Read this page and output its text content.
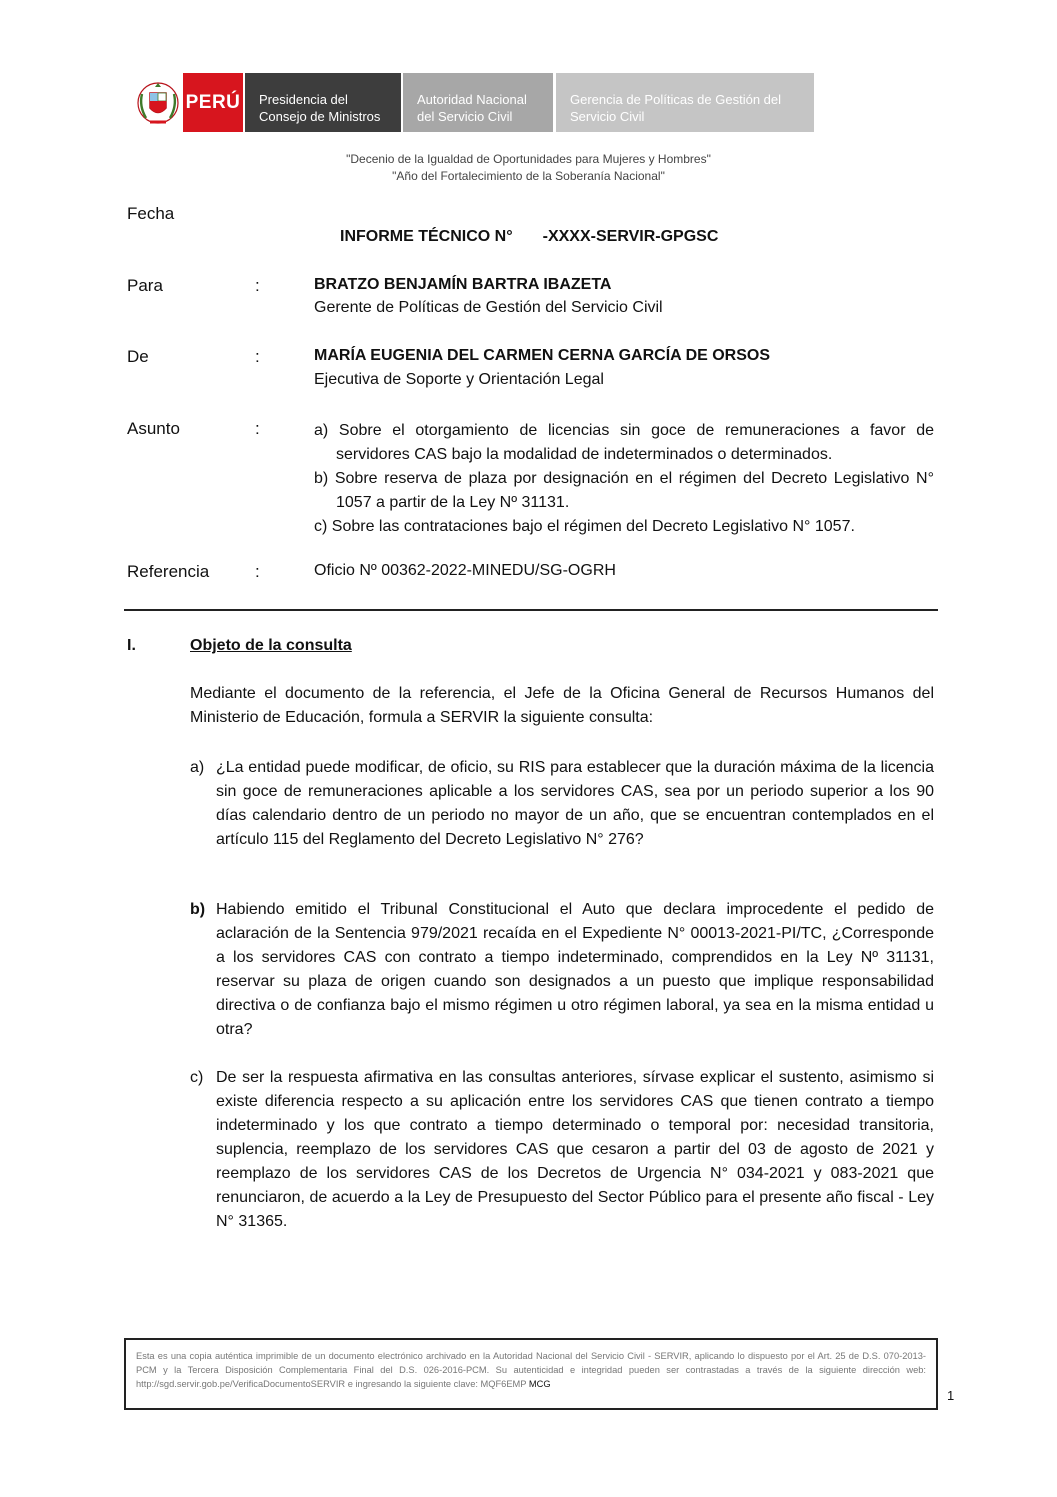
PERÚ Presidencia del
Consejo de Ministros
Autoridad Nacional
del Servicio Civil
Gerencia de Políticas de Gestión del
Servicio Civil
"Decenio de la Igualdad de Oportunidades para Mujeres y Hombres"
"Año del Fortalecimiento de la Soberanía Nacional"
Fecha
INFORME TÉCNICO N° -XXXX-SERVIR-GPGSC
Para	:	BRATZO BENJAMÍN BARTRA IBAZETA
Gerente de Políticas de Gestión del Servicio Civil
De	:	MARÍA EUGENIA DEL CARMEN CERNA GARCÍA DE ORSOS
Ejecutiva de Soporte y Orientación Legal
Asunto	:	a) Sobre el otorgamiento de licencias sin goce de remuneraciones a favor de servidores CAS bajo la modalidad de indeterminados o determinados.

b) Sobre reserva de plaza por designación en el régimen del Decreto Legislativo N° 1057 a partir de la Ley Nº 31131.

c) Sobre las contrataciones bajo el régimen del Decreto Legislativo N° 1057.

Referencia	:	Oficio Nº 00362-2022-MINEDU/SG-OGRH
I.	Objeto de la consulta
Mediante el documento de la referencia, el Jefe de la Oficina General de Recursos Humanos del Ministerio de Educación, formula a SERVIR la siguiente consulta:
a) ¿La entidad puede modificar, de oficio, su RIS para establecer que la duración máxima de la licencia sin goce de remuneraciones aplicable a los servidores CAS, sea por un periodo superior a los 90 días calendario dentro de un periodo no mayor de un año, que se encuentran contemplados en el artículo 115 del Reglamento del Decreto Legislativo N° 276?
b) Habiendo emitido el Tribunal Constitucional el Auto que declara improcedente el pedido de aclaración de la Sentencia 979/2021 recaída en el Expediente N° 00013-2021-PI/TC, ¿Corresponde a los servidores CAS con contrato a tiempo indeterminado, comprendidos en la Ley Nº 31131, reservar su plaza de origen cuando son designados a un puesto que implique responsabilidad directiva o de confianza bajo el mismo régimen u otro régimen laboral, ya sea en la misma entidad u otra?
c) De ser la respuesta afirmativa en las consultas anteriores, sírvase explicar el sustento, asimismo si existe diferencia respecto a su aplicación entre los servidores CAS que tienen contrato a tiempo indeterminado y los que contrato a tiempo determinado o temporal por: necesidad transitoria, suplencia, reemplazo de los servidores CAS que cesaron a partir del 03 de agosto de 2021 y reemplazo de los servidores CAS de los Decretos de Urgencia N° 034-2021 y 083-2021 que renunciaron, de acuerdo a la Ley de Presupuesto del Sector Público para el presente año fiscal - Ley N° 31365.
Esta es una copia auténtica imprimible de un documento electrónico archivado en la Autoridad Nacional del Servicio Civil - SERVIR, aplicando lo dispuesto por el Art. 25 de D.S. 070-2013-PCM y la Tercera Disposición Complementaria Final del D.S. 026-2016-PCM. Su autenticidad e integridad pueden ser contrastadas a través de la siguiente dirección web: http://sgd.servir.gob.pe/VerificaDocumentoSERVIR e ingresando la siguiente clave: MQF6EMP MCG
1
